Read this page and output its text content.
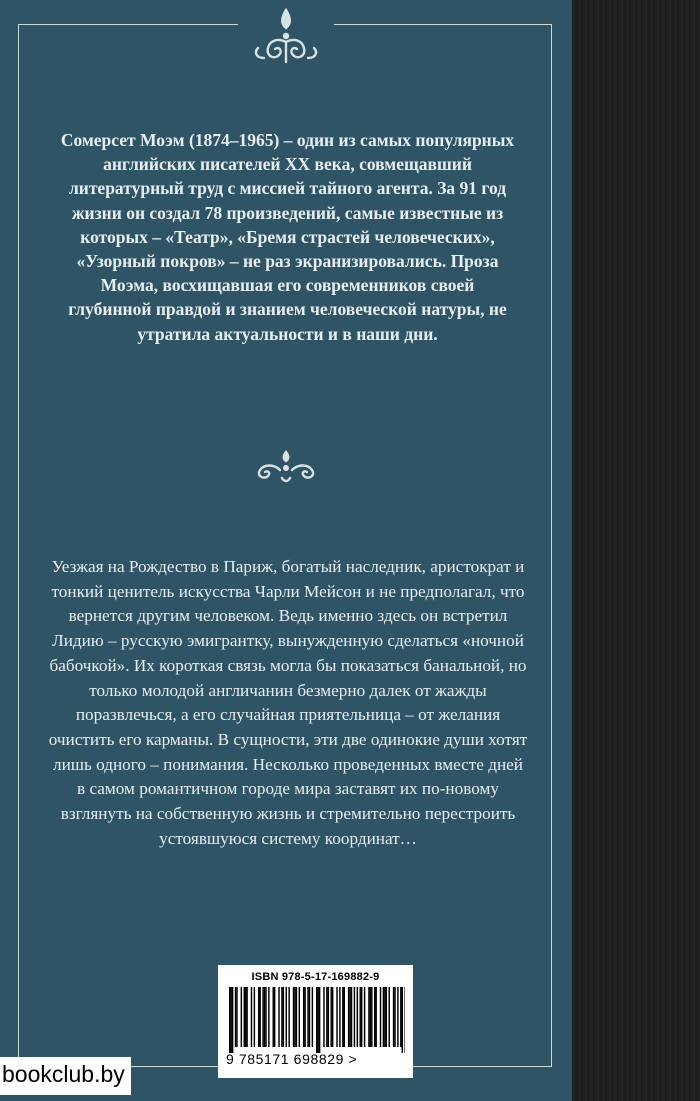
Сомерсет Моэм (1874–1965) – один из самых популярных английских писателей XX века, совмещавший литературный труд с миссией тайного агента. За 91 год жизни он создал 78 произведений, самые известные из которых – «Театр», «Бремя страстей человеческих», «Узорный покров» – не раз экранизировались. Проза Моэма, восхищавшая его современников своей глубинной правдой и знанием человеческой натуры, не утратила актуальности и в наши дни.
Уезжая на Рождество в Париж, богатый наследник, аристократ и тонкий ценитель искусства Чарли Мейсон и не предполагал, что вернется другим человеком. Ведь именно здесь он встретил Лидию – русскую эмигрантку, вынужденную сделаться «ночной бабочкой». Их короткая связь могла бы показаться банальной, но только молодой англичанин безмерно далек от жажды поразвлечься, а его случайная приятельница – от желания очистить его карманы. В сущности, эти две одинокие души хотят лишь одного – понимания. Несколько проведенных вместе дней в самом романтичном городе мира заставят их по-новому взглянуть на собственную жизнь и стремительно перестроить устоявшуюся систему координат…
ISBN 978-5-17-169882-9
9 785171 698829 >
bookclub.by
